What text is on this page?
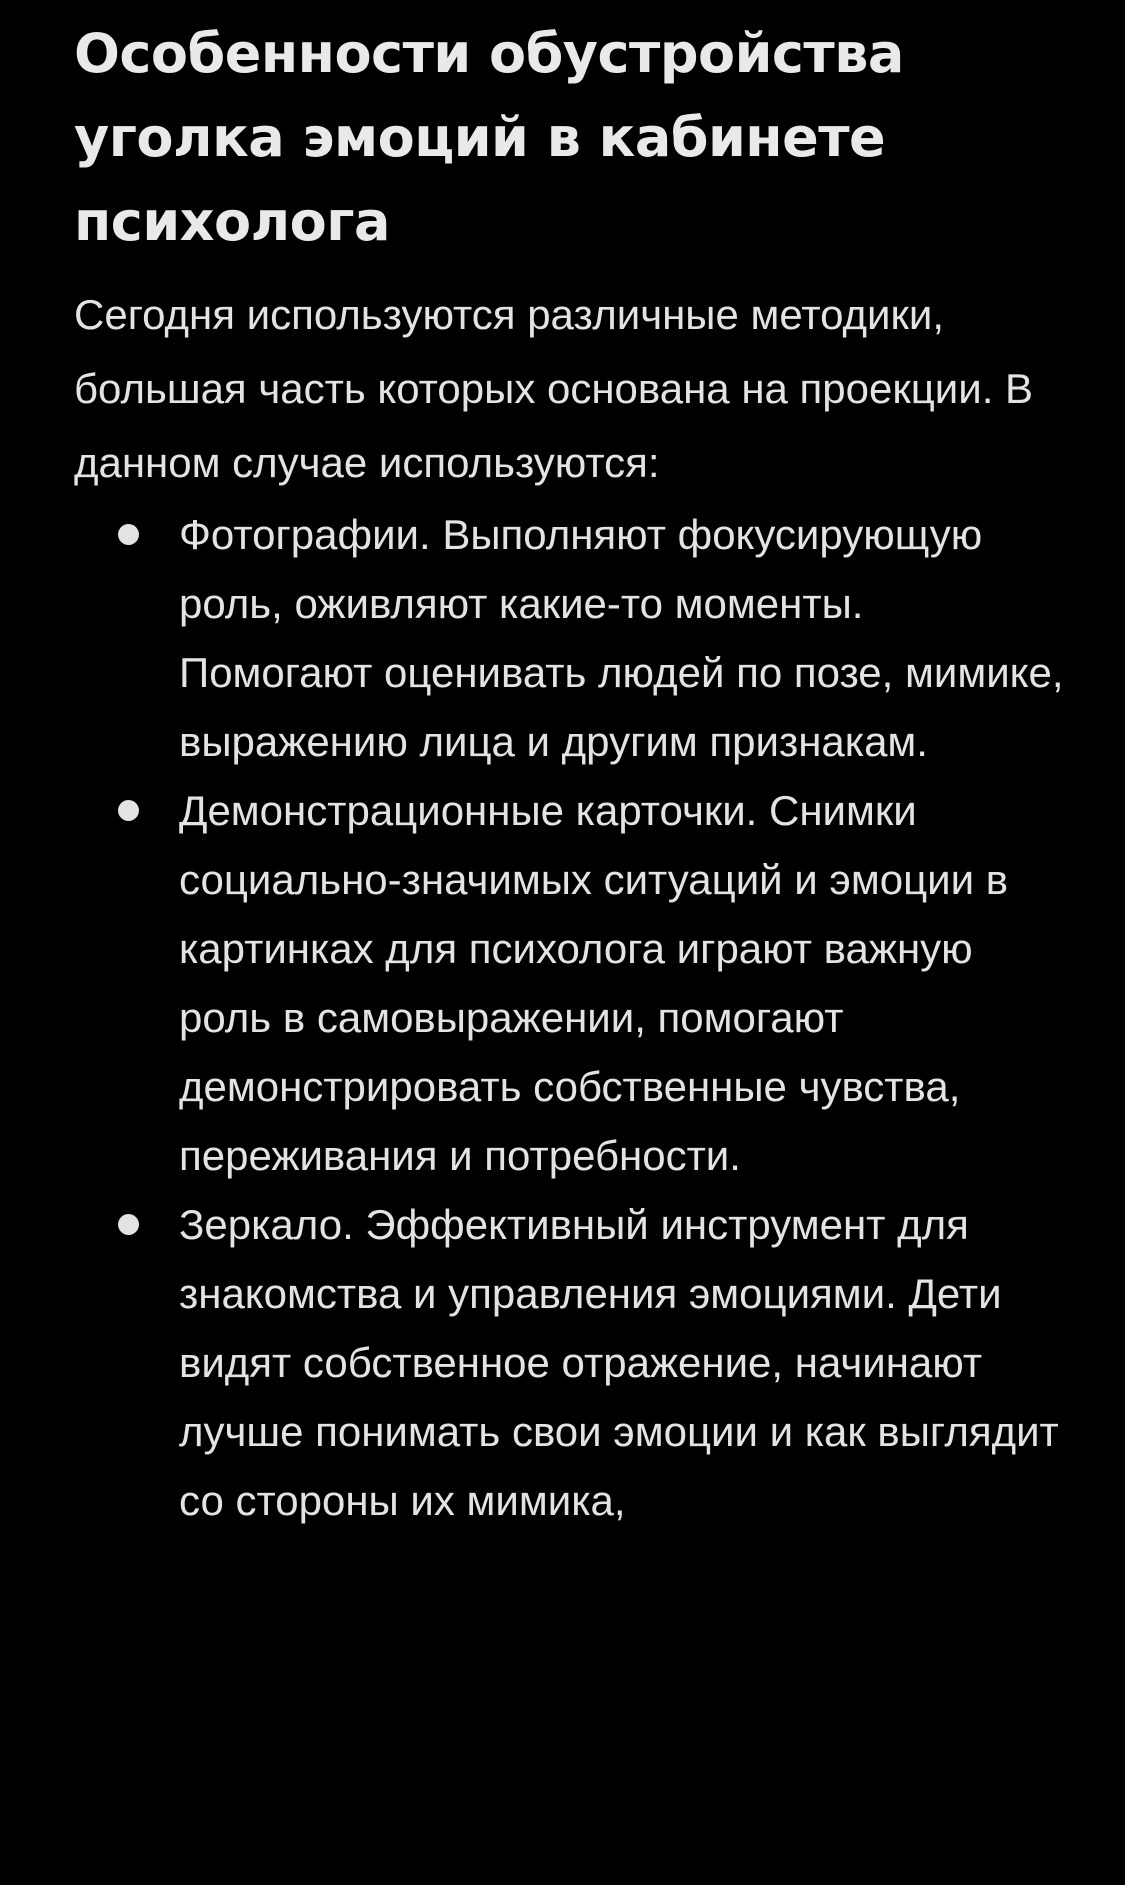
Особенности обустройства уголка эмоций в кабинете психолога

Сегодня используются различные методики, большая часть которых основана на проекции. В данном случае используются:

Фотографии. Выполняют фокусирующую роль, оживляют какие-то моменты. Помогают оценивать людей по позе, мимике, выражению лица и другим признакам.
Демонстрационные карточки. Снимки социально-значимых ситуаций и эмоции в картинках для психолога играют важную роль в самовыражении, помогают демонстрировать собственные чувства, переживания и потребности.
Зеркало. Эффективный инструмент для знакомства и управления эмоциями. Дети видят собственное отражение, начинают лучше понимать свои эмоции и как выглядит со стороны их мимика,
